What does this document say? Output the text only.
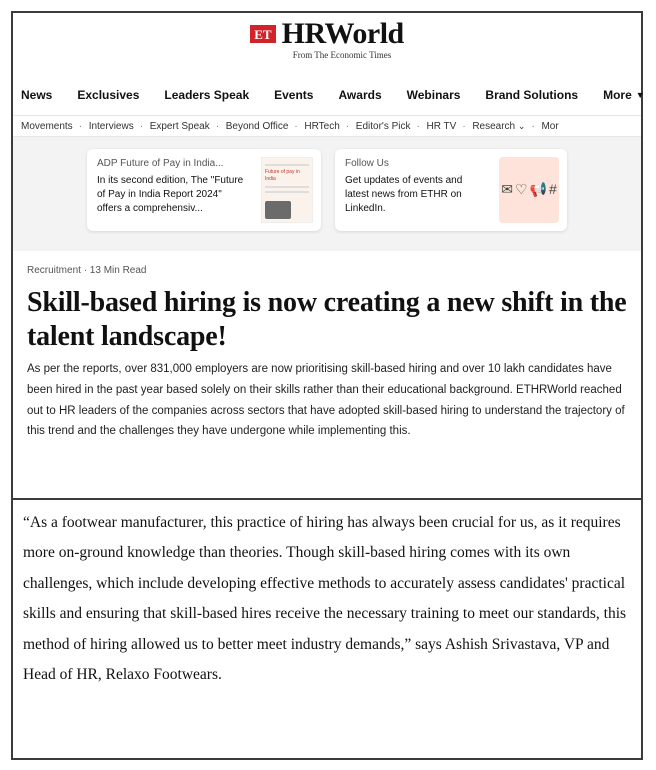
ET HRWorld
From The Economic Times
News Exclusives Leaders Speak Events Awards Webinars Brand Solutions More ▼
Movements	· Interviews	· Expert Speak	· Beyond Office	· HRTech	· Editor's Pick	· HR TV	· Research ⌄	· Mor
ADP Future of Pay in India...
In its second edition, The "Future of Pay in India Report 2024" offers a comprehensiv...
Future of pay in India
Follow Us
Get updates of events and latest news from ETHR on LinkedIn.
✉ ♡ 📢 #
Recruitment · 13 Min Read
Skill-based hiring is now creating a new shift in the talent landscape!

As per the reports, over 831,000 employers are now prioritising skill-based hiring and over 10 lakh candidates have been hired in the past year based solely on their skills rather than their educational background. ETHRWorld reached out to HR leaders of the companies across sectors that have adopted skill-based hiring to understand the trajectory of this trend and the challenges they have undergone while implementing this.

“As a footwear manufacturer, this practice of hiring has always been crucial for us, as it requires more on-ground knowledge than theories. Though skill-based hiring comes with its own challenges, which include developing effective methods to accurately assess candidates' practical skills and ensuring that skill-based hires receive the necessary training to meet our standards, this method of hiring allowed us to better meet industry demands,” says Ashish Srivastava, VP and Head of HR, Relaxo Footwears.
